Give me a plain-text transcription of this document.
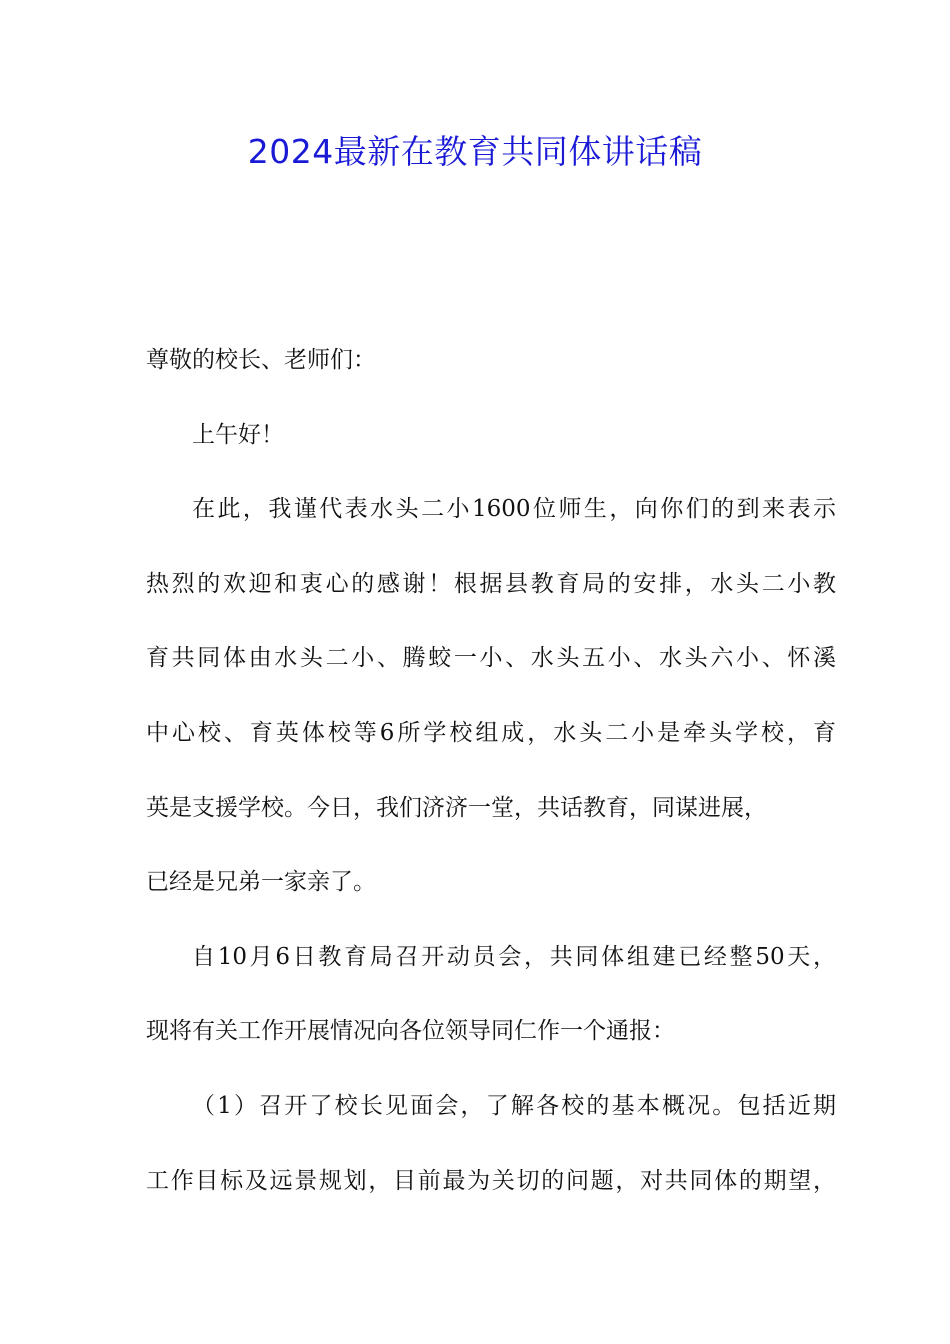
2024最新在教育共同体讲话稿
尊敬的校长、老师们：
上午好！
在此，我谨代表水头二小1600位师生，向你们的到来表示
热烈的欢迎和衷心的感谢！根据县教育局的安排，水头二小教
育共同体由水头二小、腾蛟一小、水头五小、水头六小、怀溪
中心校、育英体校等6所学校组成，水头二小是牵头学校，育
英是支援学校。今日，我们济济一堂，共话教育，同谋进展，
已经是兄弟一家亲了。
自10月6日教育局召开动员会，共同体组建已经整50天，
现将有关工作开展情况向各位领导同仁作一个通报：
（1）召开了校长见面会，了解各校的基本概况。包括近期
工作目标及远景规划，目前最为关切的问题，对共同体的期望，
